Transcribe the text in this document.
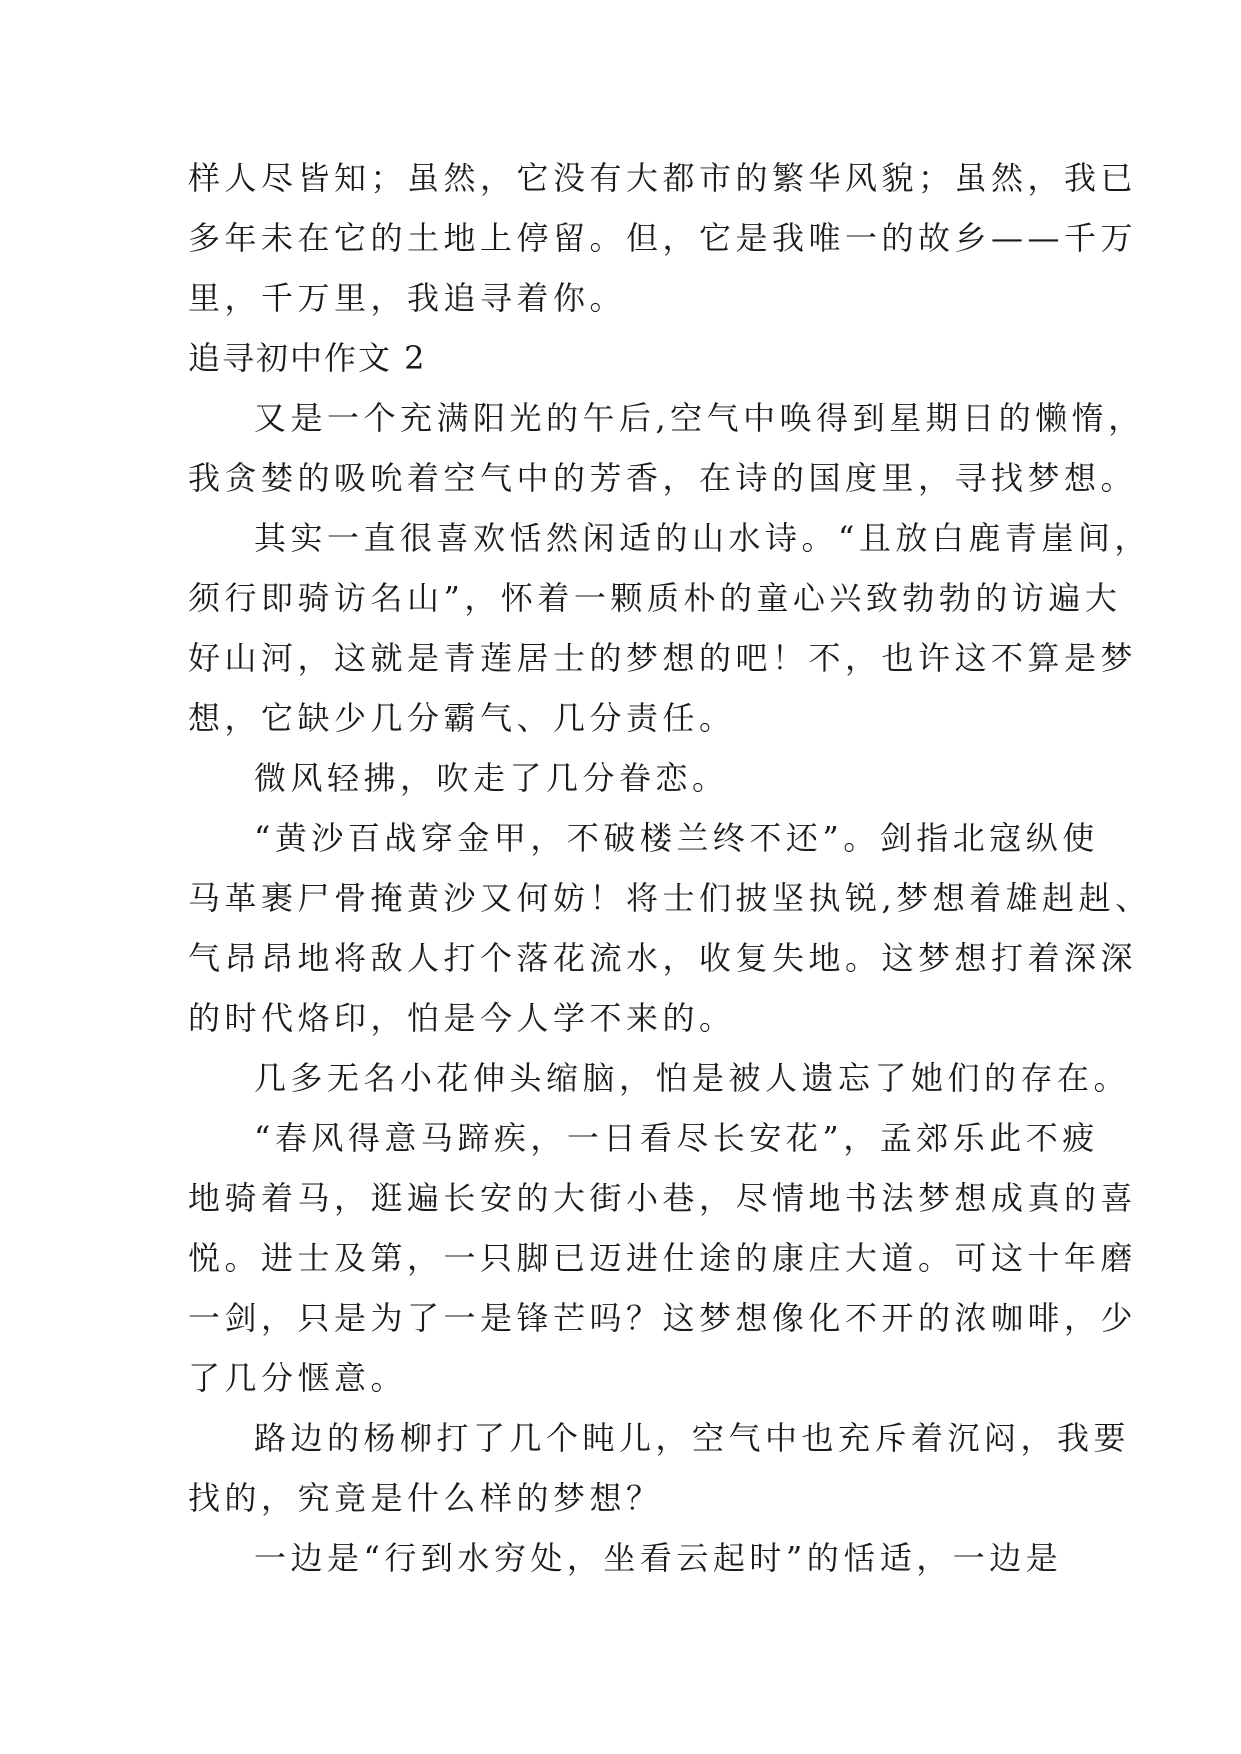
样人尽皆知；虽然，它没有大都市的繁华风貌；虽然，我已
多年未在它的土地上停留。但，它是我唯一的故乡——千万
里，千万里，我追寻着你。
追寻初中作文 2
又是一个充满阳光的午后,空气中唤得到星期日的懒惰，
我贪婪的吸吮着空气中的芳香，在诗的国度里，寻找梦想。
其实一直很喜欢恬然闲适的山水诗。“且放白鹿青崖间，
须行即骑访名山”，怀着一颗质朴的童心兴致勃勃的访遍大
好山河，这就是青莲居士的梦想的吧！不，也许这不算是梦
想，它缺少几分霸气、几分责任。
微风轻拂，吹走了几分眷恋。
“黄沙百战穿金甲，不破楼兰终不还”。剑指北寇纵使
马革裹尸骨掩黄沙又何妨！将士们披坚执锐,梦想着雄赳赳、
气昂昂地将敌人打个落花流水，收复失地。这梦想打着深深
的时代烙印，怕是今人学不来的。
几多无名小花伸头缩脑，怕是被人遗忘了她们的存在。
“春风得意马蹄疾，一日看尽长安花”，孟郊乐此不疲
地骑着马，逛遍长安的大街小巷，尽情地书法梦想成真的喜
悦。进士及第，一只脚已迈进仕途的康庄大道。可这十年磨
一剑，只是为了一是锋芒吗？这梦想像化不开的浓咖啡，少
了几分惬意。
路边的杨柳打了几个盹儿，空气中也充斥着沉闷，我要
找的，究竟是什么样的梦想？
一边是“行到水穷处，坐看云起时”的恬适，一边是
